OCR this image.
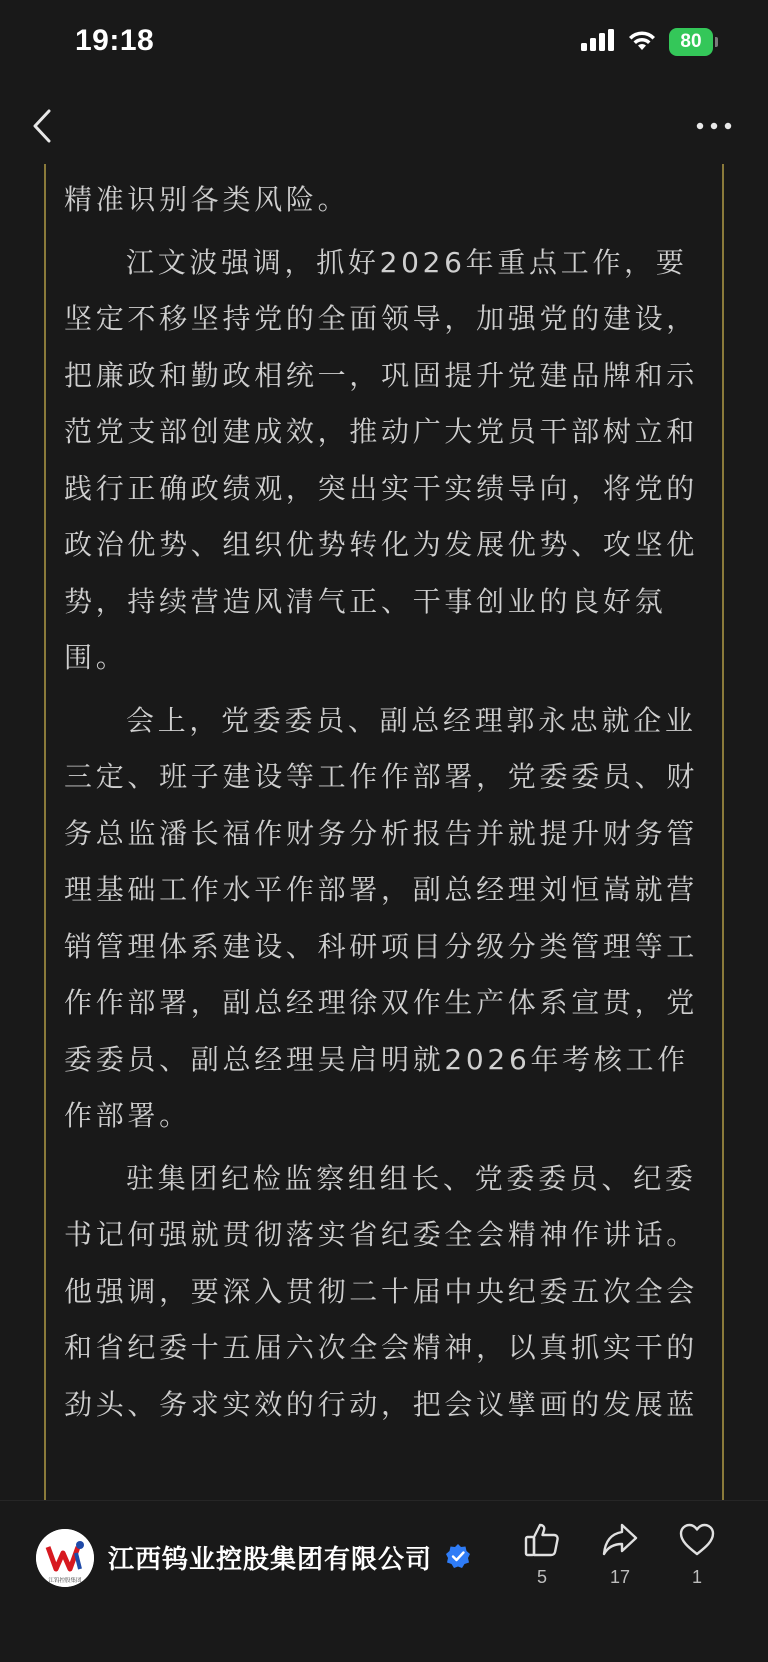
19:18	80

精准识别各类风险。

江文波强调，抓好2026年重点工作，要坚定不移坚持党的全面领导，加强党的建设，把廉政和勤政相统一，巩固提升党建品牌和示范党支部创建成效，推动广大党员干部树立和践行正确政绩观，突出实干实绩导向，将党的政治优势、组织优势转化为发展优势、攻坚优势，持续营造风清气正、干事创业的良好氛围。

会上，党委委员、副总经理郭永忠就企业三定、班子建设等工作作部署，党委委员、财务总监潘长福作财务分析报告并就提升财务管理基础工作水平作部署，副总经理刘恒嵩就营销管理体系建设、科研项目分级分类管理等工作作部署，副总经理徐双作生产体系宣贯，党委委员、副总经理吴启明就2026年考核工作作部署。

驻集团纪检监察组组长、党委委员、纪委书记何强就贯彻落实省纪委全会精神作讲话。他强调，要深入贯彻二十届中央纪委五次全会和省纪委十五届六次全会精神，以真抓实干的劲头、务求实效的行动，把会议擘画的发展蓝

江钨控股集团
江西钨业控股集团有限公司
5	17	1
